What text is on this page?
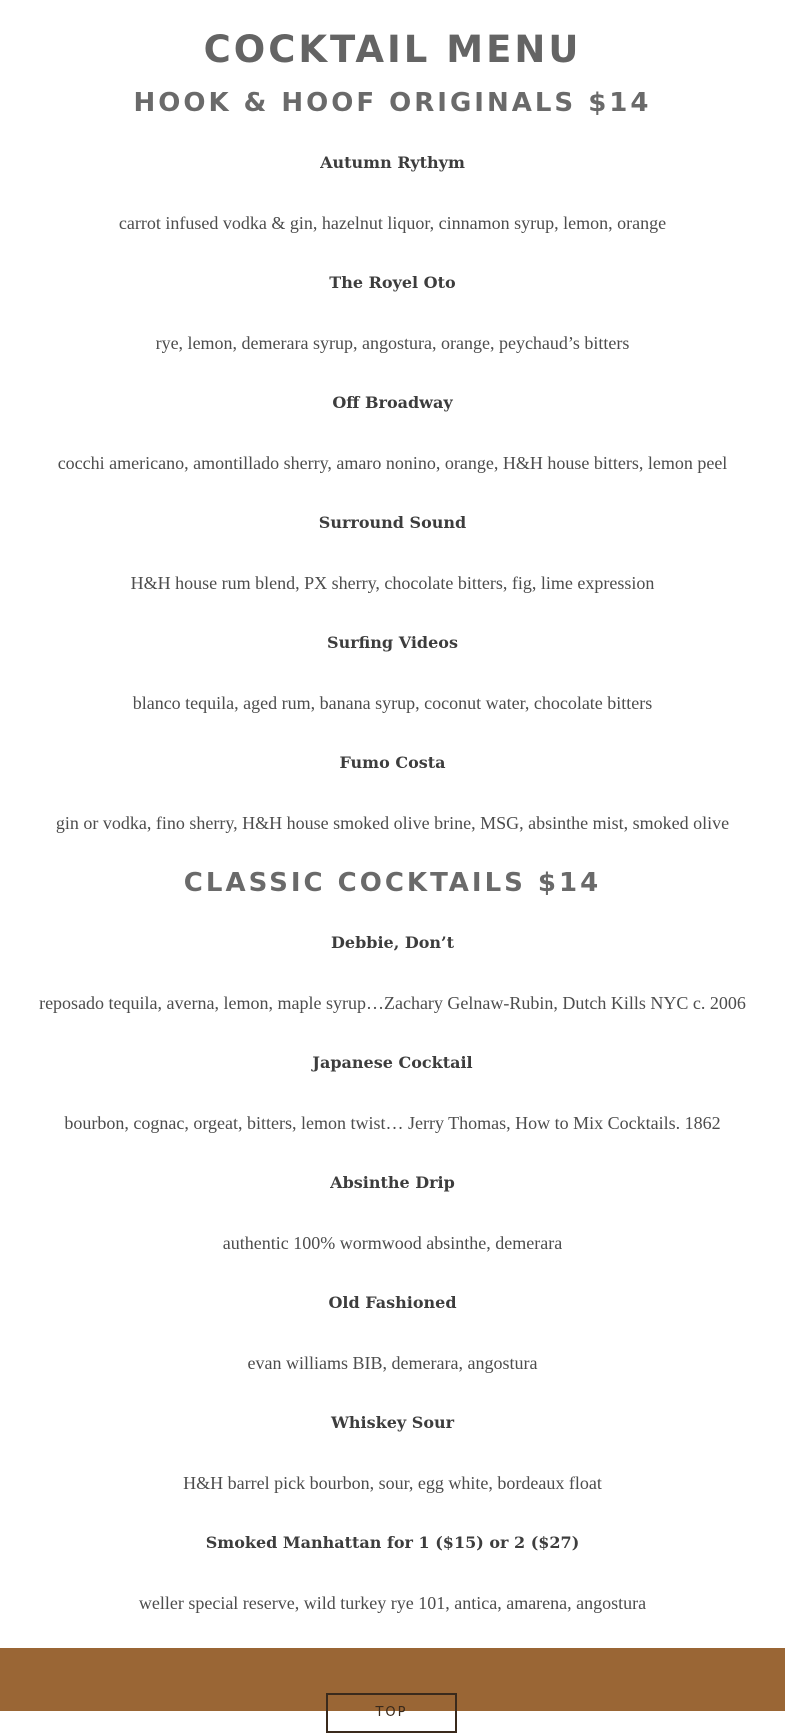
COCKTAIL MENU
HOOK & HOOF ORIGINALS $14
Autumn Rythym
carrot infused vodka & gin, hazelnut liquor, cinnamon syrup, lemon, orange
The Royel Oto
rye, lemon, demerara syrup, angostura, orange, peychaud’s bitters
Off Broadway
cocchi americano, amontillado sherry, amaro nonino, orange, H&H house bitters, lemon peel
Surround Sound
H&H house rum blend, PX sherry, chocolate bitters, fig, lime expression
Surfing Videos
blanco tequila, aged rum, banana syrup, coconut water, chocolate bitters
Fumo Costa
gin or vodka, fino sherry, H&H house smoked olive brine, MSG, absinthe mist, smoked olive
CLASSIC COCKTAILS $14
Debbie, Don’t
reposado tequila, averna, lemon, maple syrup…Zachary Gelnaw-Rubin, Dutch Kills NYC c. 2006
Japanese Cocktail
bourbon, cognac, orgeat, bitters, lemon twist… Jerry Thomas, How to Mix Cocktails. 1862
Absinthe Drip
authentic 100% wormwood absinthe, demerara
Old Fashioned
evan williams BIB, demerara, angostura
Whiskey Sour
H&H barrel pick bourbon, sour, egg white, bordeaux float
Smoked Manhattan for 1 ($15) or 2 ($27)
weller special reserve, wild turkey rye 101, antica, amarena, angostura
TOP
